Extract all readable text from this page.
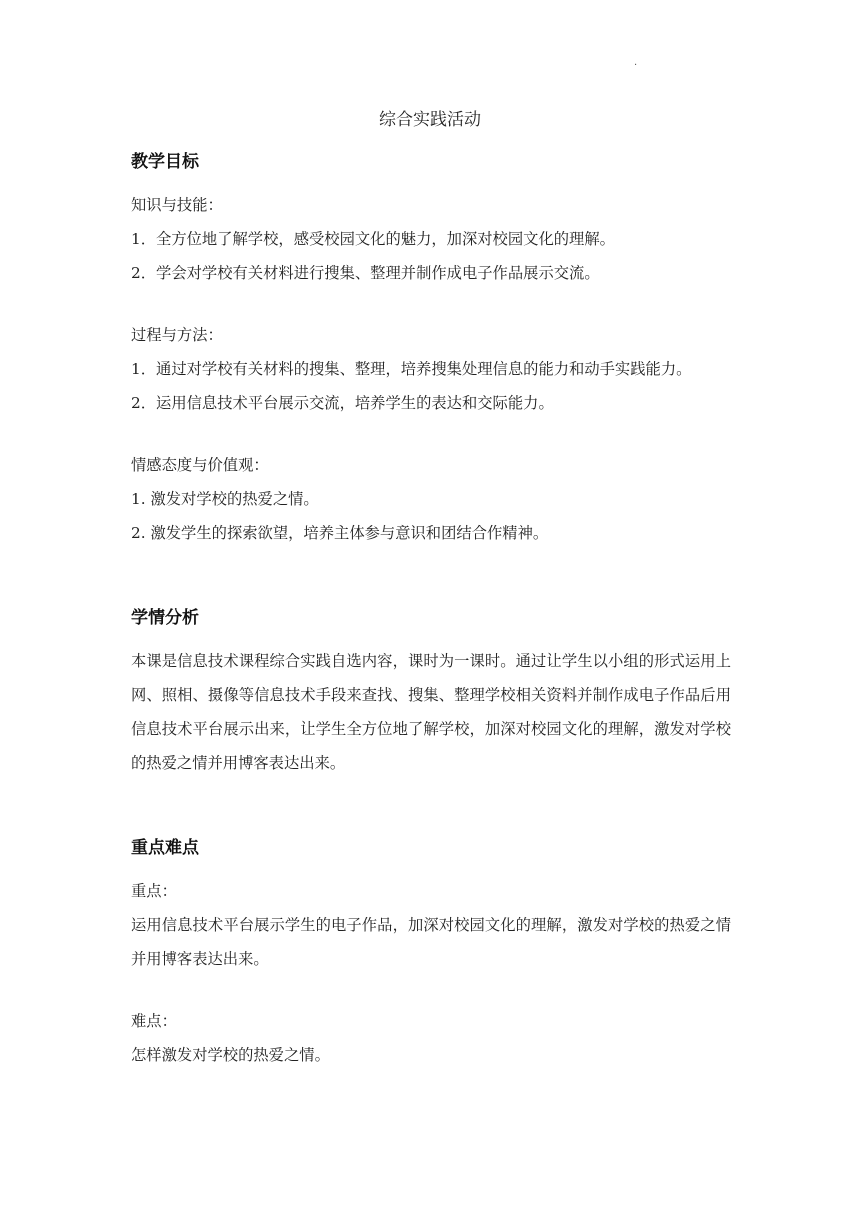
.
综合实践活动

教学目标

知识与技能：

1．全方位地了解学校，感受校园文化的魅力，加深对校园文化的理解。

2．学会对学校有关材料进行搜集、整理并制作成电子作品展示交流。

过程与方法：

1．通过对学校有关材料的搜集、整理，培养搜集处理信息的能力和动手实践能力。

2．运用信息技术平台展示交流，培养学生的表达和交际能力。

情感态度与价值观：

1. 激发对学校的热爱之情。

2. 激发学生的探索欲望，培养主体参与意识和团结合作精神。

学情分析

本课是信息技术课程综合实践自选内容，课时为一课时。通过让学生以小组的形式运用上网、照相、摄像等信息技术手段来查找、搜集、整理学校相关资料并制作成电子作品后用信息技术平台展示出来，让学生全方位地了解学校，加深对校园文化的理解，激发对学校的热爱之情并用博客表达出来。

重点难点

重点：

运用信息技术平台展示学生的电子作品，加深对校园文化的理解，激发对学校的热爱之情并用博客表达出来。

难点：

怎样激发对学校的热爱之情。
